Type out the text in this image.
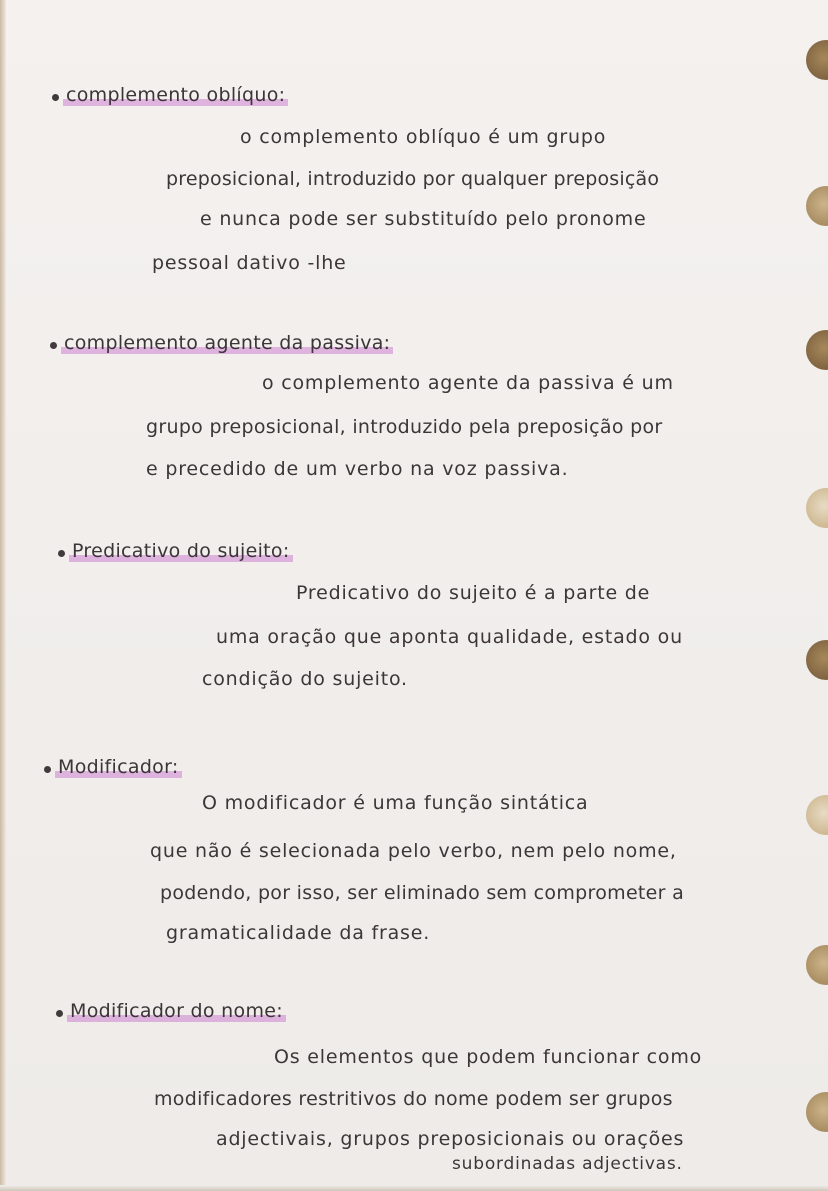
complemento oblíquo:
o complemento oblíquo é um grupo
preposicional, introduzido por qualquer preposição
e nunca pode ser substituído pelo pronome
pessoal dativo -lhe
complemento agente da passiva:
o complemento agente da passiva é um
grupo preposicional, introduzido pela preposição por
e precedido de um verbo na voz passiva.
Predicativo do sujeito:
Predicativo do sujeito é a parte de
uma oração que aponta qualidade, estado ou
condição do sujeito.
Modificador:
O modificador é uma função sintática
que não é selecionada pelo verbo, nem pelo nome,
podendo, por isso, ser eliminado sem comprometer a
gramaticalidade da frase.
Modificador do nome:
Os elementos que podem funcionar como
modificadores restritivos do nome podem ser grupos
adjectivais, grupos preposicionais ou orações
subordinadas adjectivas.
